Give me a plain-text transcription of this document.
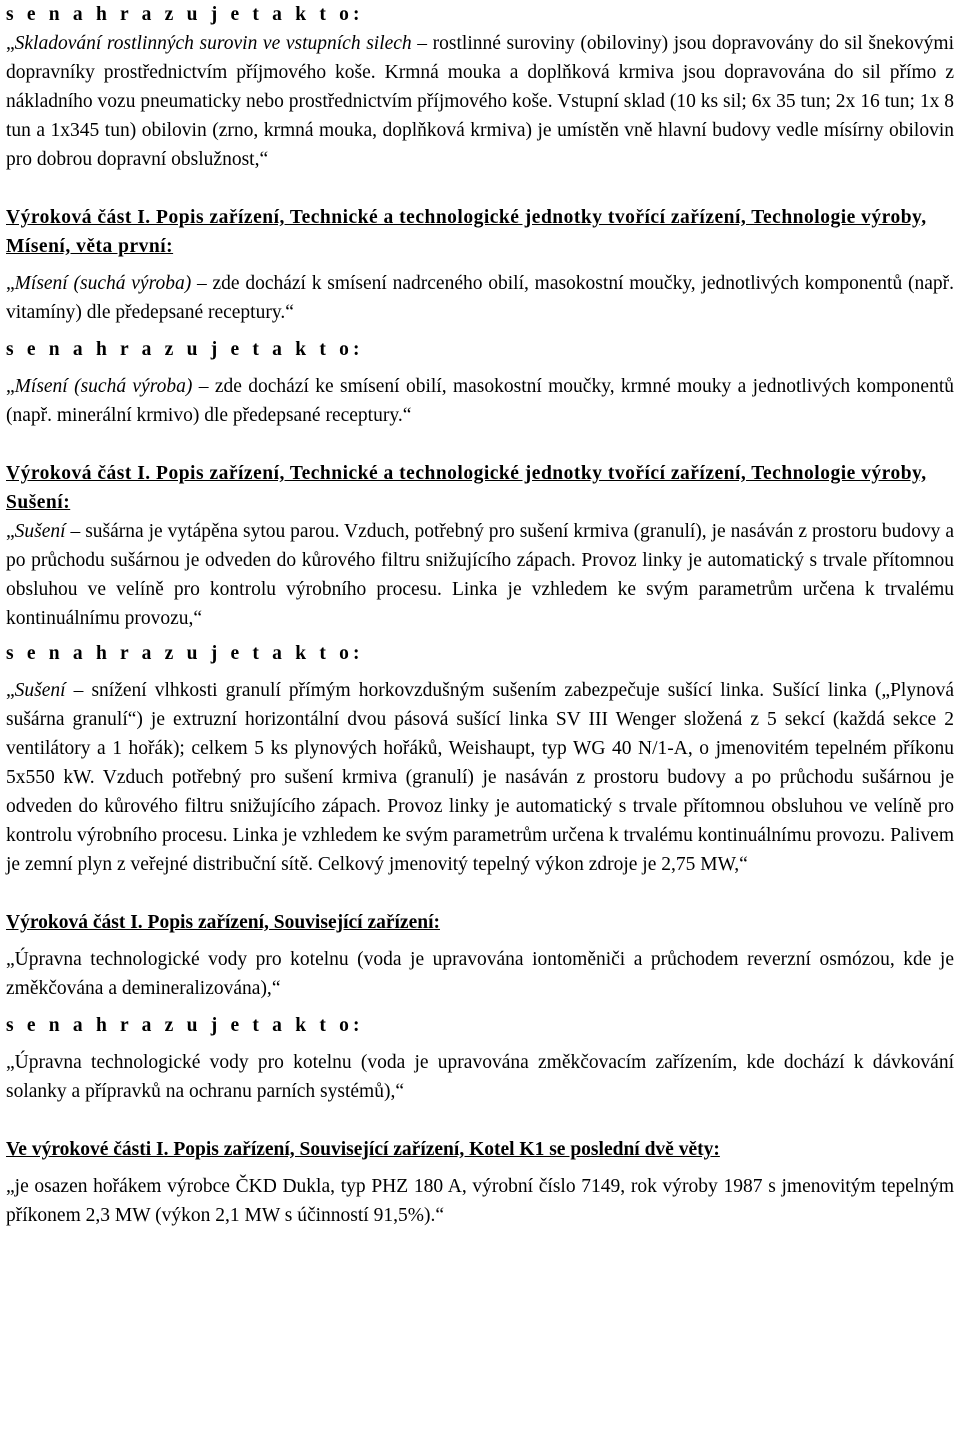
s e n a h r a z u j e t a k t o:

„Skladování rostlinných surovin ve vstupních silech – rostlinné suroviny (obiloviny) jsou dopravovány do sil šnekovými dopravníky prostřednictvím příjmového koše. Krmná mouka a doplňková krmiva jsou dopravována do sil přímo z nákladního vozu pneumaticky nebo prostřednictvím příjmového koše. Vstupní sklad (10 ks sil; 6x 35 tun; 2x 16 tun; 1x 8 tun a 1x345 tun) obilovin (zrno, krmná mouka, doplňková krmiva) je umístěn vně hlavní budovy vedle mísírny obilovin pro dobrou dopravní obslužnost,“

Výroková část I. Popis zařízení, Technické a technologické jednotky tvořící zařízení, Technologie výroby, Mísení, věta první:

„Mísení (suchá výroba) – zde dochází k smísení nadrceného obilí, masokostní moučky, jednotlivých komponentů (např. vitamíny) dle předepsané receptury.“

s e n a h r a z u j e t a k t o:

„Mísení (suchá výroba) – zde dochází ke smísení obilí, masokostní moučky, krmné mouky a jednotlivých komponentů (např. minerální krmivo) dle předepsané receptury.“

Výroková část I. Popis zařízení, Technické a technologické jednotky tvořící zařízení, Technologie výroby, Sušení:

„Sušení – sušárna je vytápěna sytou parou. Vzduch, potřebný pro sušení krmiva (granulí), je nasáván z prostoru budovy a po průchodu sušárnou je odveden do kůrového filtru snižujícího zápach. Provoz linky je automatický s trvale přítomnou obsluhou ve velíně pro kontrolu výrobního procesu. Linka je vzhledem ke svým parametrům určena k trvalému kontinuálnímu provozu,“

s e n a h r a z u j e t a k t o:

„Sušení – snížení vlhkosti granulí přímým horkovzdušným sušením zabezpečuje sušící linka. Sušící linka („Plynová sušárna granulí“) je extruzní horizontální dvou pásová sušící linka SV III Wenger složená z 5 sekcí (každá sekce 2 ventilátory a 1 hořák); celkem 5 ks plynových hořáků, Weishaupt, typ WG 40 N/1-A, o jmenovitém tepelném příkonu 5x550 kW. Vzduch potřebný pro sušení krmiva (granulí) je nasáván z prostoru budovy a po průchodu sušárnou je odveden do kůrového filtru snižujícího zápach. Provoz linky je automatický s trvale přítomnou obsluhou ve velíně pro kontrolu výrobního procesu. Linka je vzhledem ke svým parametrům určena k trvalému kontinuálnímu provozu. Palivem je zemní plyn z veřejné distribuční sítě. Celkový jmenovitý tepelný výkon zdroje je 2,75 MW,“

Výroková část I. Popis zařízení, Související zařízení:

„Úpravna technologické vody pro kotelnu (voda je upravována iontoměniči a průchodem reverzní osmózou, kde je změkčována a demineralizována),“

s e n a h r a z u j e t a k t o:

„Úpravna technologické vody pro kotelnu (voda je upravována změkčovacím zařízením, kde dochází k dávkování solanky a přípravků na ochranu parních systémů),“

Ve výrokové části I. Popis zařízení, Související zařízení, Kotel K1 se poslední dvě věty:

„je osazen hořákem výrobce ČKD Dukla, typ PHZ 180 A, výrobní číslo 7149, rok výroby 1987 s jmenovitým tepelným příkonem 2,3 MW (výkon 2,1 MW s účinností 91,5%).“
